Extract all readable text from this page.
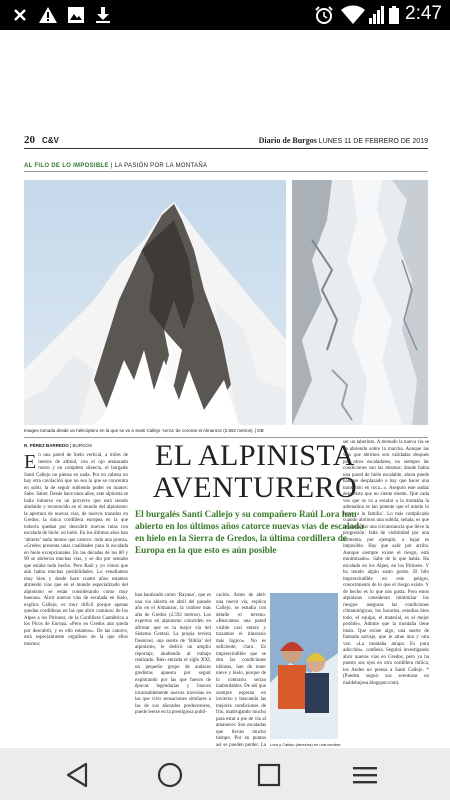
2:47
20 C&V	Diario de Burgos LUNES 11 DE FEBRERO DE 2019
AL FILO DE LO IMPOSIBLE | LA PASIÓN POR LA MONTAÑA
Imagen tomada desde un helicóptero en la que se ve a Santi Callejo ‘cerca’ de coronar el Almanzor (2.592 metros). | DB
R. PÉREZ BARREDO | BURGOS	EL ALPINISTA
AVENTURERO
El burgalés Santi Callejo y su compañero Raúl Lora han abierto en los últimos años catorce nuevas vías de escalada en hielo en la Sierra de Gredos, la última cordillera de Europa en la que esto es aún posible
En una pared de hielo vertical, a miles de metros de altitud, con el ojo atenazado rostro y en completo silencio, el burgalés Santi Callejo no piensa en nada. Por en cabeza no hay otra cavilación que no sea la que se concentra en subir, la de seguir subiendo poder en manos: Sabe. Saber. Desde hace unos años, este alpinista se halla inmerso en un proyecto que está siendo aluduido y reconocido en el mundo del alpinismo: la apertura de nuevas vías, de nuevos trazados en Gredos, la única cordillera europea en la que todavía quedan por descubrir nuevas rutas con escalada de hielo: en hielo. En los últimos años han ‘abierto’ nada menos que catorce. toda una proeza. «Gredos presenta unas cualidades para la escalada en hielo excepcionales. En las décadas de los 80 y 90 se abrieron muchas vías, y se dio por sentado que estaba todo hecho. Pero Raúl y yo vimos que aún había muchas posibilidades. Lo estudiamos muy bien y desde hace cuatro años estamos abriendo vías que en el mundo especializado del alpinismo se están considerando como muy buenas». Abrir nuevas vías de escalada en hielo, explica Callejo, es muy difícil porque apenas quedan cordilleras en las que abrir caminos: de los Alpes a los Pirineos, de la Cordillera Cantábrica a los Picos de Europa. «Pero en Gredos aún queda por descubrir, y es ello estamos». De las catorce, está especialmente orgulloso de la que ellos mismos
han bautizado como ‘Rayana’, que es una vía abierta en abril del pasado año en el Almanzor, la cumbre más alta de Gredos (2.592 metros). Los expertos en alpinismo coinciden en afirmar que es la mejor vía del Sistema Central. La propia revista Desnivel, una suerte de ‘Biblia’ del alpinismo, le dedicó un amplio reportaje, aludiendo al trabajo realizado. Bien entrada el siglo XXI, un pequeño grupo de audaces gredistas apuesta por seguir explorando por las que fueron de épocas legendarias y buscan incansablemente nuevas travesías en las que vivir sensaciones similares a las de sus añorados predecesores, puede leerse en la prestigiosa publi-
cación. Antes de abrir una nueva vía, explica Callejo, se estudia con detalle el terreno. «Buscamos una pared visible casi entera y trazamos el itinerario más lógico». No es suficiente, claro. Es imprescindible que se den las condiciones idóneas, han de tener nieve y hielo, porque de lo contrario serían inabordables. De ahí que siempre esperan en invierno y buscando las mejores condiciones de frío, madrugando mucho para estar a pie de vía al amanecer. Son escaladas que llevan mucho tiempo. Por en puntos así se pueden perder. La Lora y Callejo (derecha) en una cumbre.
ser un laberinto. A menudo la nueva vía se va abriendo sobre la marcha. Aunque las vías que abrimos son validadas después por otros escaladores, no siempre las condiciones son las mismas: donde había una pared de hielo escalable, ahora puede haberse desplazado o hay que hacer una transición en roca...». Aseguro este audaz deportista que no siente miedo. Que cada vez que se va a escalar a la montaña la adrenalina es tan potente que el miedo lo tiene ‘a la familia’. Lo más complicado cuando abrimos una subida, señala, es que se pueda dar una circunstancia que lleve la progresión: falta de visibilidad por una tormenta, por ejemplo; o bajar es imposible. Hay que salir por arriba. Aunque siempre existe el riesgo, está minimizado». Sabe de lo que habla. Ha escalado en los Alpes, en los Pirineos. Y ha tenido algún susto gordo. El hilo imprescindible en este peligro, conocimiento de lo que el riesgo existe. Y de hecho es lo que nos gusta. Pero estos alpinistas consideran minimizar los riesgos: aseguras las condiciones climatológicas, los horarios, estudias bien todo, el equipo, el material, es el mejor posible». Admite que la montaña tiene imán. Que existe algo, una suerte de llamada salvaje, que le atrae una y otra vez. «La montaña atrapa. Es pura adicción», confiesa. Seguirá investigando abrir nuevas vías en Gredos, pero ya ha puesto sus ojos en otra cordillera mítica, los Andes no piensa a Santi Callejo. *(Pueden seguir sus aventuras en maldebujosa.blogspot.com).
